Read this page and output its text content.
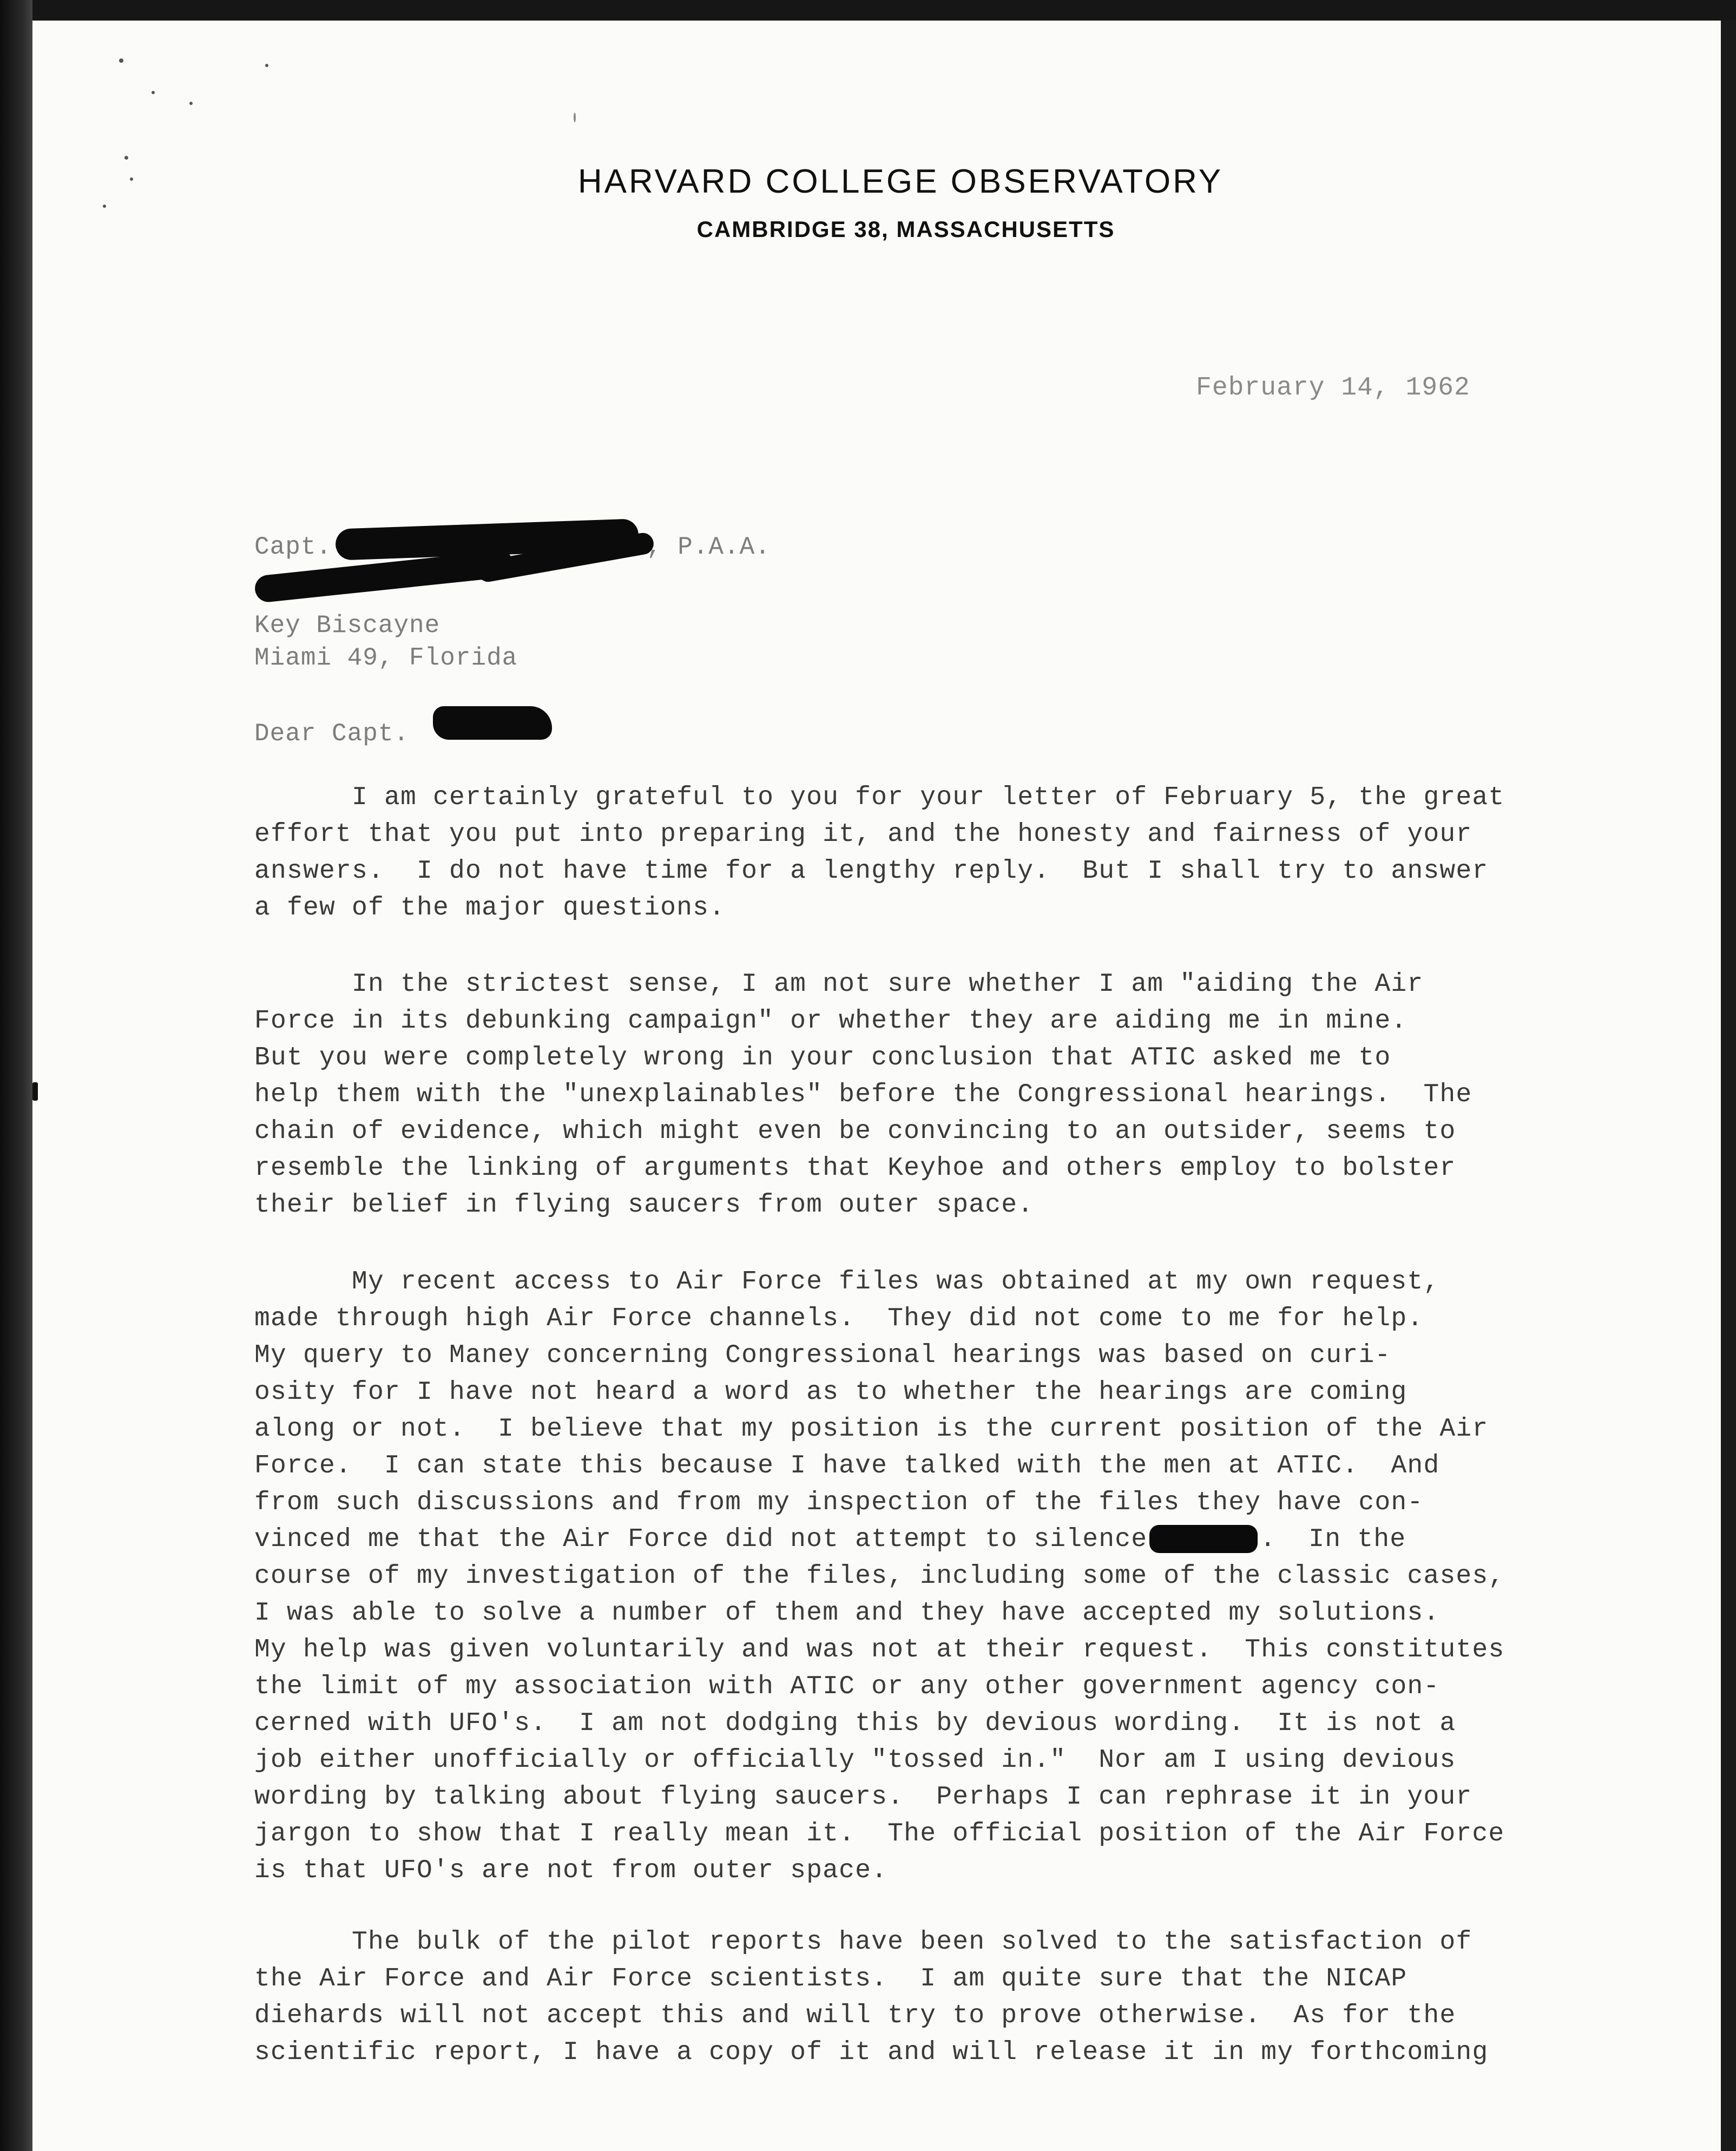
HARVARD COLLEGE OBSERVATORY
CAMBRIDGE 38, MASSACHUSETTS
February 14, 1962
Capt.	, P.A.A.
Key Biscayne
Miami 49, Florida
Dear Capt.
I am certainly grateful to you for your letter of February 5, the great
effort that you put into preparing it, and the honesty and fairness of your
answers.  I do not have time for a lengthy reply.  But I shall try to answer
a few of the major questions.
In the strictest sense, I am not sure whether I am "aiding the Air
Force in its debunking campaign" or whether they are aiding me in mine.
But you were completely wrong in your conclusion that ATIC asked me to
help them with the "unexplainables" before the Congressional hearings.  The
chain of evidence, which might even be convincing to an outsider, seems to
resemble the linking of arguments that Keyhoe and others employ to bolster
their belief in flying saucers from outer space.
My recent access to Air Force files was obtained at my own request,
made through high Air Force channels.  They did not come to me for help.
My query to Maney concerning Congressional hearings was based on curi-
osity for I have not heard a word as to whether the hearings are coming
along or not.  I believe that my position is the current position of the Air
Force.  I can state this because I have talked with the men at ATIC.  And
from such discussions and from my inspection of the files they have con-
vinced me that the Air Force did not attempt to silence	.  In the
course of my investigation of the files, including some of the classic cases,
I was able to solve a number of them and they have accepted my solutions.
My help was given voluntarily and was not at their request.  This constitutes
the limit of my association with ATIC or any other government agency con-
cerned with UFO's.  I am not dodging this by devious wording.  It is not a
job either unofficially or officially "tossed in."  Nor am I using devious
wording by talking about flying saucers.  Perhaps I can rephrase it in your
jargon to show that I really mean it.  The official position of the Air Force
is that UFO's are not from outer space.
The bulk of the pilot reports have been solved to the satisfaction of
the Air Force and Air Force scientists.  I am quite sure that the NICAP
diehards will not accept this and will try to prove otherwise.  As for the
scientific report, I have a copy of it and will release it in my forthcoming
